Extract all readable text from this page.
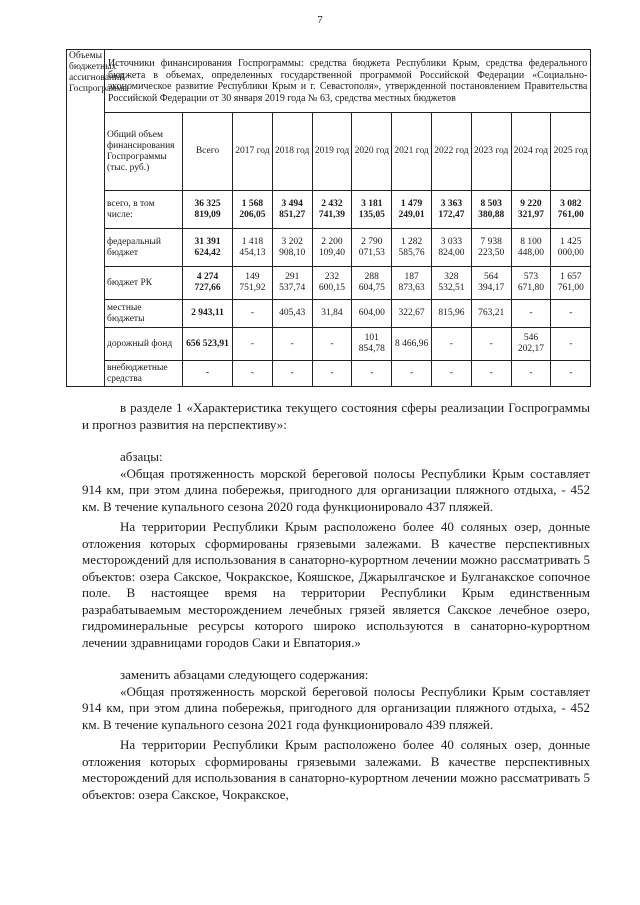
7
Объемы бюджетных ассигнований Госпрограммы	Источники финансирования Госпрограммы: средства бюджета Республики Крым, средства федерального бюджета в объемах, определенных государственной программой Российской Федерации «Социально-экономическое развитие Республики Крым и г. Севастополя», утвержденной постановлением Правительства Российской Федерации от 30 января 2019 года № 63, средства местных бюджетов										
	Общий объем финансирования Госпрограммы (тыс. руб.)	Всего	2017 год	2018 год	2019 год	2020 год	2021 год	2022 год	2023 год	2024 год	2025 год
	всего, в том числе:	36 325 819,09	1 568 206,05	3 494 851,27	2 432 741,39	3 181 135,05	1 479 249,01	3 363 172,47	8 503 380,88	9 220 321,97	3 082 761,00
	федеральный бюджет	31 391 624,42	1 418 454,13	3 202 908,10	2 200 109,40	2 790 071,53	1 282 585,76	3 033 824,00	7 938 223,50	8 100 448,00	1 425 000,00
	бюджет РК	4 274 727,66	149 751,92	291 537,74	232 600,15	288 604,75	187 873,63	328 532,51	564 394,17	573 671,80	1 657 761,00
	местные бюджеты	2 943,11	-	405,43	31,84	604,00	322,67	815,96	763,21	-	-
	дорожный фонд	656 523,91	-	-	-	101 854,78	8 466,96	-	-	546 202,17	-
	внебюджетные средства	-	-	-	-	-	-	-	-	-	-

в разделе 1 «Характеристика текущего состояния сферы реализации Госпрограммы и прогноз развития на перспективу»:

абзацы:

«Общая протяженность морской береговой полосы Республики Крым составляет 914 км, при этом длина побережья, пригодного для организации пляжного отдыха, - 452 км. В течение купального сезона 2020 года функционировало 437 пляжей.

На территории Республики Крым расположено более 40 соляных озер, донные отложения которых сформированы грязевыми залежами. В качестве перспективных месторождений для использования в санаторно-курортном лечении можно рассматривать 5 объектов: озера Сакское, Чокракское, Кояшское, Джарылгачское и Булганакское сопочное поле. В настоящее время на территории Республики Крым единственным разрабатываемым месторождением лечебных грязей является Сакское лечебное озеро, гидроминеральные ресурсы которого широко используются в санаторно-курортном лечении здравницами городов Саки и Евпатория.»

заменить абзацами следующего содержания:

«Общая протяженность морской береговой полосы Республики Крым составляет 914 км, при этом длина побережья, пригодного для организации пляжного отдыха, - 452 км. В течение купального сезона 2021 года функционировало 439 пляжей.

На территории Республики Крым расположено более 40 соляных озер, донные отложения которых сформированы грязевыми залежами. В качестве перспективных месторождений для использования в санаторно-курортном лечении можно рассматривать 5 объектов: озера Сакское, Чокракское,
